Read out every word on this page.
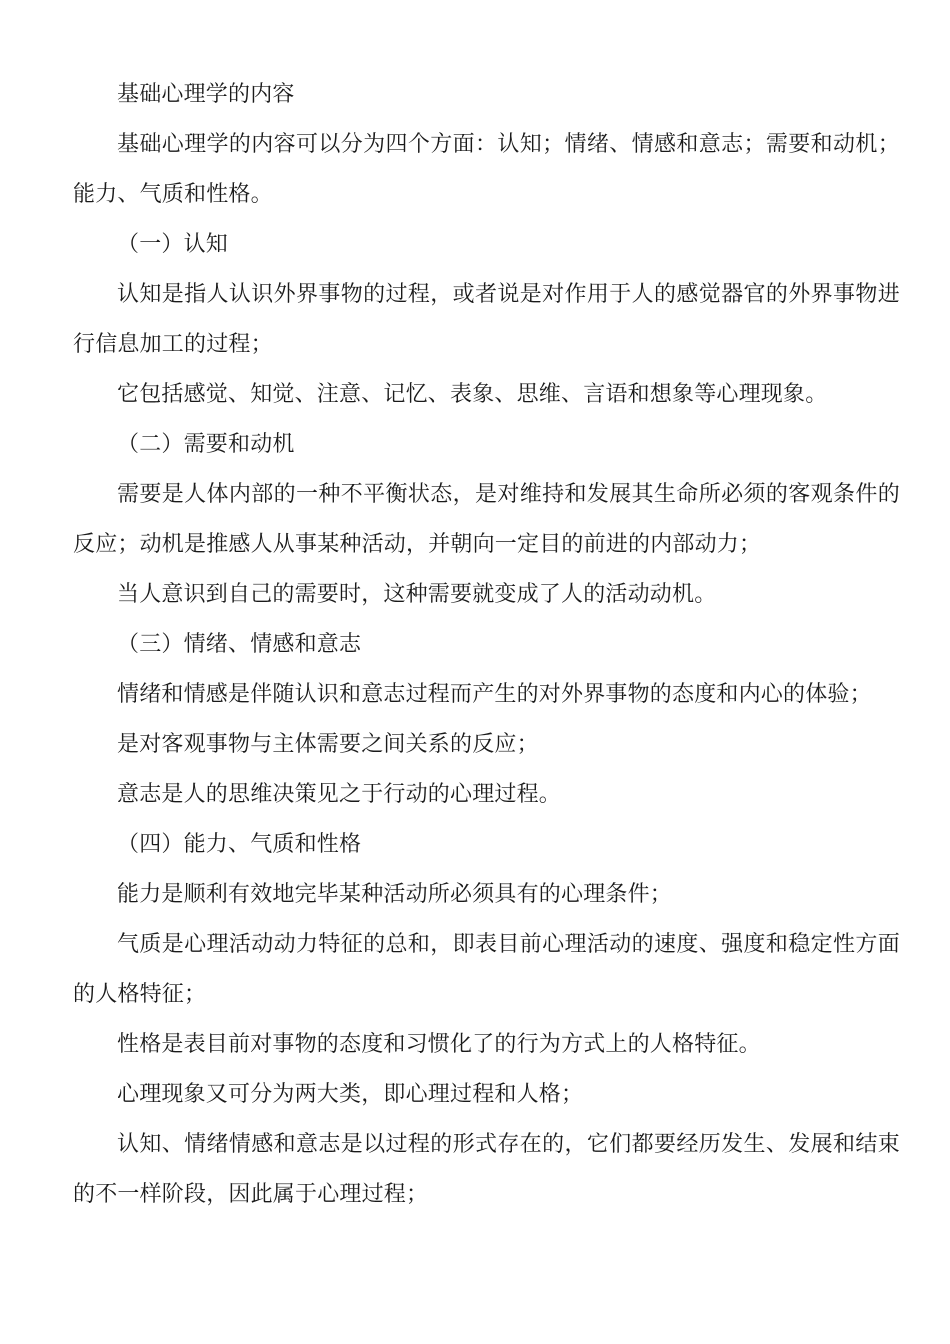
基础心理学的内容

基础心理学的内容可以分为四个方面：认知；情绪、情感和意志；需要和动机；能力、气质和性格。

（一）认知

认知是指人认识外界事物的过程，或者说是对作用于人的感觉器官的外界事物进行信息加工的过程；

它包括感觉、知觉、注意、记忆、表象、思维、言语和想象等心理现象。

（二）需要和动机

需要是人体内部的一种不平衡状态，是对维持和发展其生命所必须的客观条件的反应；动机是推感人从事某种活动，并朝向一定目的前进的内部动力；

当人意识到自己的需要时，这种需要就变成了人的活动动机。

（三）情绪、情感和意志

情绪和情感是伴随认识和意志过程而产生的对外界事物的态度和内心的体验；

是对客观事物与主体需要之间关系的反应；

意志是人的思维决策见之于行动的心理过程。

（四）能力、气质和性格

能力是顺利有效地完毕某种活动所必须具有的心理条件；

气质是心理活动动力特征的总和，即表目前心理活动的速度、强度和稳定性方面的人格特征；

性格是表目前对事物的态度和习惯化了的行为方式上的人格特征。

心理现象又可分为两大类，即心理过程和人格；

认知、情绪情感和意志是以过程的形式存在的，它们都要经历发生、发展和结束的不一样阶段，因此属于心理过程；
